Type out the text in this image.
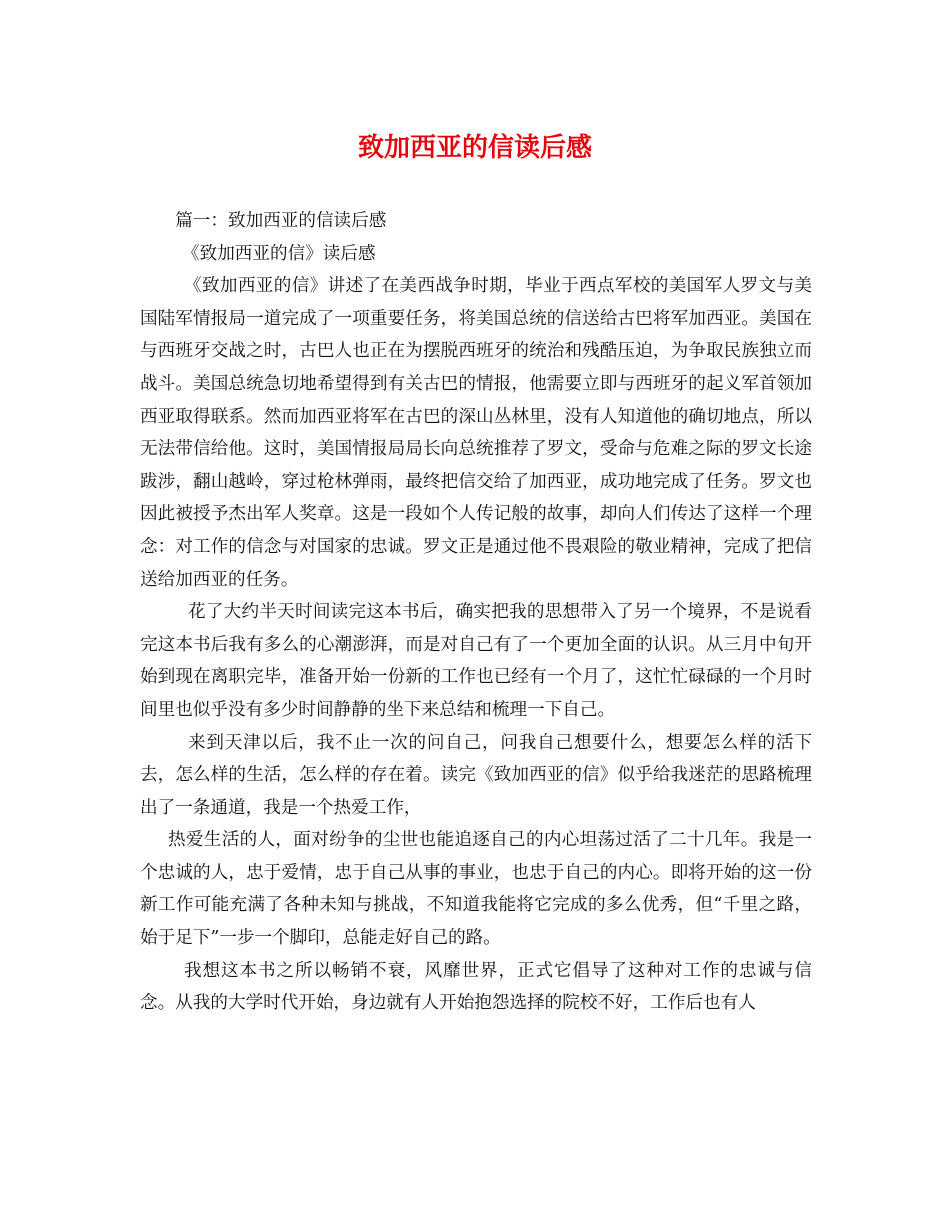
致加西亚的信读后感

篇一：致加西亚的信读后感

《致加西亚的信》读后感

《致加西亚的信》讲述了在美西战争时期，毕业于西点军校的美国军人罗文与美国陆军情报局一道完成了一项重要任务，将美国总统的信送给古巴将军加西亚。美国在与西班牙交战之时，古巴人也正在为摆脱西班牙的统治和残酷压迫，为争取民族独立而战斗。美国总统急切地希望得到有关古巴的情报，他需要立即与西班牙的起义军首领加西亚取得联系。然而加西亚将军在古巴的深山丛林里，没有人知道他的确切地点，所以无法带信给他。这时，美国情报局局长向总统推荐了罗文，受命与危难之际的罗文长途跋涉，翻山越岭，穿过枪林弹雨，最终把信交给了加西亚，成功地完成了任务。罗文也因此被授予杰出军人奖章。这是一段如个人传记般的故事，却向人们传达了这样一个理念：对工作的信念与对国家的忠诚。罗文正是通过他不畏艰险的敬业精神，完成了把信送给加西亚的任务。

花了大约半天时间读完这本书后，确实把我的思想带入了另一个境界，不是说看完这本书后我有多么的心潮澎湃，而是对自己有了一个更加全面的认识。从三月中旬开始到现在离职完毕，准备开始一份新的工作也已经有一个月了，这忙忙碌碌的一个月时间里也似乎没有多少时间静静的坐下来总结和梳理一下自己。

来到天津以后，我不止一次的问自己，问我自己想要什么，想要怎么样的活下去，怎么样的生活，怎么样的存在着。读完《致加西亚的信》似乎给我迷茫的思路梳理出了一条通道，我是一个热爱工作，

热爱生活的人，面对纷争的尘世也能追逐自己的内心坦荡过活了二十几年。我是一个忠诚的人，忠于爱情，忠于自己从事的事业，也忠于自己的内心。即将开始的这一份新工作可能充满了各种未知与挑战，不知道我能将它完成的多么优秀，但“千里之路，始于足下”一步一个脚印，总能走好自己的路。

我想这本书之所以畅销不衰，风靡世界，正式它倡导了这种对工作的忠诚与信念。从我的大学时代开始，身边就有人开始抱怨选择的院校不好，工作后也有人
